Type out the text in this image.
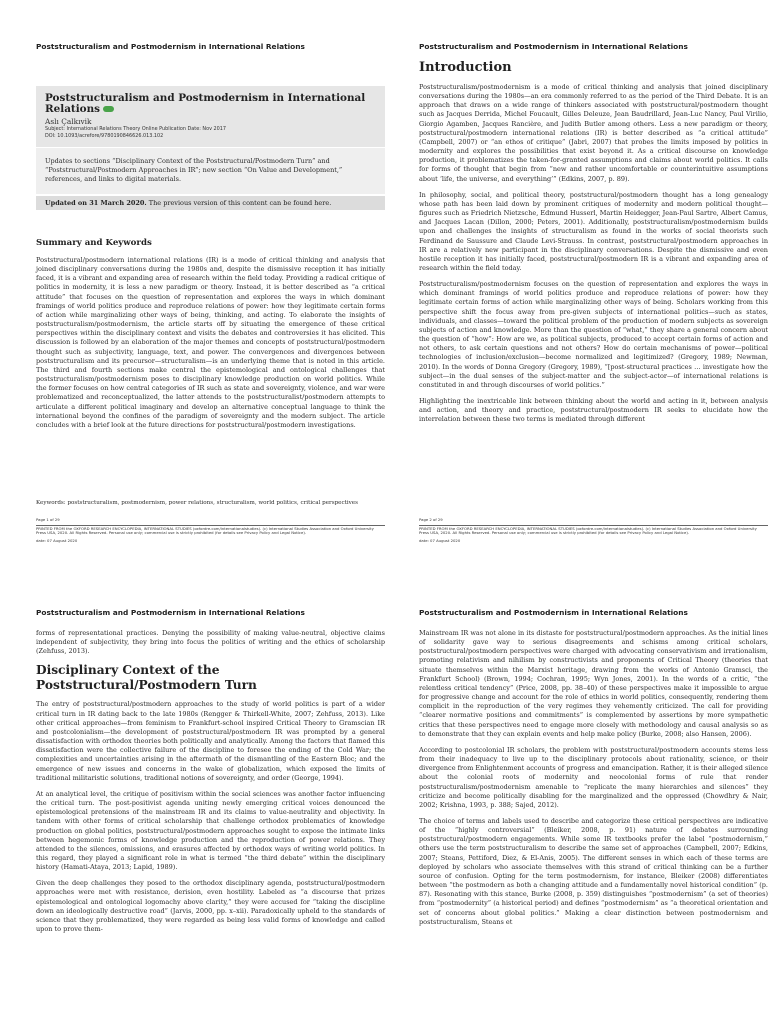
Poststructuralism and Postmodernism in International Relations
Poststructuralism and Postmodernism in International Relations
Aslı Çalkıvik
Subject: International Relations Theory Online Publication Date: Nov 2017
DOI: 10.1093/acrefore/9780190846626.013.102

Updates to sections “Disciplinary Context of the Poststructural/Postmodern Turn” and “Poststructural/Postmodern Approaches in IR”; new section “On Value and Development,” references, and links to digital materials.

Updated on 31 March 2020. The previous version of this content can be found here.
Summary and Keywords

Poststructural/postmodern international relations (IR) is a mode of critical thinking and analysis that joined disciplinary conversations during the 1980s and, despite the dismissive reception it has initially faced, it is a vibrant and expanding area of research within the field today. Providing a radical critique of politics in modernity, it is less a new paradigm or theory. Instead, it is better described as “a critical attitude” that focuses on the question of representation and explores the ways in which dominant framings of world politics produce and reproduce relations of power: how they legitimate certain forms of action while marginalizing other ways of being, thinking, and acting. To elaborate the insights of poststructuralism/postmodernism, the article starts off by situating the emergence of these critical perspectives within the disciplinary context and visits the debates and controversies it has elicited. This discussion is followed by an elaboration of the major themes and concepts of poststructural/postmodern thought such as subjectivity, language, text, and power. The convergences and divergences between poststructuralism and its precursor—structuralism—is an underlying theme that is noted in this article. The third and fourth sections make central the epistemological and ontological challenges that poststructuralism/postmodernism poses to disciplinary knowledge production on world politics. While the former focuses on how central categories of IR such as state and sovereignty, violence, and war were problematized and reconceptualized, the latter attends to the poststructuralist/postmodern attempts to articulate a different political imaginary and develop an alternative conceptual language to think the international beyond the confines of the paradigm of sovereignty and the modern subject. The article concludes with a brief look at the future directions for poststructural/postmodern investigations.

Keywords: poststructuralism, postmodernism, power relations, structuralism, world politics, critical perspectives

Page 1 of 29
PRINTED FROM the OXFORD RESEARCH ENCYCLOPEDIA, INTERNATIONAL STUDIES (oxfordre.com/internationalstudies). (c) International Studies Association and Oxford University Press USA, 2020. All Rights Reserved. Personal use only; commercial use is strictly prohibited (for details see Privacy Policy and Legal Notice).
date: 07 August 2020
Poststructuralism and Postmodernism in International Relations
Introduction

Poststructuralism/postmodernism is a mode of critical thinking and analysis that joined disciplinary conversations during the 1980s—an era commonly referred to as the period of the Third Debate. It is an approach that draws on a wide range of thinkers associated with poststructural/postmodern thought such as Jacques Derrida, Michel Foucault, Gilles Deleuze, Jean Baudrillard, Jean-Luc Nancy, Paul Virilio, Giorgio Agamben, Jacques Rancière, and Judith Butler among others. Less a new paradigm or theory, poststructural/postmodern international relations (IR) is better described as “a critical attitude” (Campbell, 2007) or “an ethos of critique” (Jabri, 2007) that probes the limits imposed by politics in modernity and explores the possibilities that exist beyond it. As a critical discourse on knowledge production, it problematizes the taken-for-granted assumptions and claims about world politics. It calls for forms of thought that begin from “new and rather uncomfortable or counterintuitive assumptions about ‘life, the universe, and everything’” (Edkins, 2007, p. 89).

In philosophy, social, and political theory, poststructural/postmodern thought has a long genealogy whose path has been laid down by prominent critiques of modernity and modern political thought—figures such as Friedrich Nietzsche, Edmund Husserl, Martin Heidegger, Jean-Paul Sartre, Albert Camus, and Jacques Lacan (Dillon, 2000; Peters, 2001). Additionally, poststructuralism/postmodernism builds upon and challenges the insights of structuralism as found in the works of social theorists such Ferdinand de Saussure and Claude Levi-Strauss. In contrast, poststructural/postmodern approaches in IR are a relatively new participant in the disciplinary conversations. Despite the dismissive and even hostile reception it has initially faced, poststructural/postmodern IR is a vibrant and expanding area of research within the field today.

Poststructuralism/postmodernism focuses on the question of representation and explores the ways in which dominant framings of world politics produce and reproduce relations of power: how they legitimate certain forms of action while marginalizing other ways of being. Scholars working from this perspective shift the focus away from pre-given subjects of international politics—such as states, individuals, and classes—toward the political problem of the production of modern subjects as sovereign subjects of action and knowledge. More than the question of “what,” they share a general concern about the question of “how”: How are we, as political subjects, produced to accept certain forms of action and not others, to ask certain questions and not others? How do certain mechanisms of power—political technologies of inclusion/exclusion—become normalized and legitimized? (Gregory, 1989; Newman, 2010). In the words of Donna Gregory (Gregory, 1989), “[post-structural practices … investigate how the subject—in the dual senses of the subject-matter and the subject-actor—of international relations is constituted in and through discourses of world politics.”

Highlighting the inextricable link between thinking about the world and acting in it, between analysis and action, and theory and practice, poststructural/postmodern IR seeks to elucidate how the interrelation between these two terms is mediated through different

Page 2 of 29
PRINTED FROM the OXFORD RESEARCH ENCYCLOPEDIA, INTERNATIONAL STUDIES (oxfordre.com/internationalstudies). (c) International Studies Association and Oxford University Press USA, 2020. All Rights Reserved. Personal use only; commercial use is strictly prohibited (for details see Privacy Policy and Legal Notice).
date: 07 August 2020
Poststructuralism and Postmodernism in International Relations

forms of representational practices. Denying the possibility of making value-neutral, objective claims independent of subjectivity, they bring into focus the politics of writing and the ethics of scholarship (Zehfuss, 2013).

Disciplinary Context of the Poststructural/Postmodern Turn

The entry of poststructural/postmodern approaches to the study of world politics is part of a wider critical turn in IR dating back to the late 1980s (Rengger & Thirkell-White, 2007; Zehfuss, 2013). Like other critical approaches—from feminism to Frankfurt-school inspired Critical Theory to Gramscian IR and postcolonialism—the development of poststructural/postmodern IR was prompted by a general dissatisfaction with orthodox theories both politically and analytically. Among the factors that flamed this dissatisfaction were the collective failure of the discipline to foresee the ending of the Cold War; the complexities and uncertainties arising in the aftermath of the dismantling of the Eastern Bloc; and the emergence of new issues and concerns in the wake of globalization, which exposed the limits of traditional militaristic solutions, traditional notions of sovereignty, and order (George, 1994).

At an analytical level, the critique of positivism within the social sciences was another factor influencing the critical turn. The post-positivist agenda uniting newly emerging critical voices denounced the epistemological pretensions of the mainstream IR and its claims to value-neutrality and objectivity. In tandem with other forms of critical scholarship that challenge orthodox problematics of knowledge production on global politics, poststructural/postmodern approaches sought to expose the intimate links between hegemonic forms of knowledge production and the reproduction of power relations. They attended to the silences, omissions, and erasures affected by orthodox ways of writing world politics. In this regard, they played a significant role in what is termed “the third debate” within the disciplinary history (Hamati-Ataya, 2013; Lapid, 1989).

Given the deep challenges they posed to the orthodox disciplinary agenda, poststructural/postmodern approaches were met with resistance, derision, even hostility. Labeled as “a discourse that prizes epistemological and ontological logomachy above clarity,” they were accused for “taking the discipline down an ideologically destructive road” (Jarvis, 2000, pp. x–xii). Paradoxically upheld to the standards of science that they problematized, they were regarded as being less valid forms of knowledge and called upon to prove them-

Poststructuralism and Postmodernism in International Relations

Mainstream IR was not alone in its distaste for poststructural/postmodern approaches. As the initial lines of solidarity gave way to serious disagreements and schisms among critical scholars, poststructural/postmodern perspectives were charged with advocating conservativism and irrationalism, promoting relativism and nihilism by constructivists and proponents of Critical Theory (theories that situate themselves within the Marxist heritage, drawing from the works of Antonio Gramsci, the Frankfurt School) (Brown, 1994; Cochran, 1995; Wyn Jones, 2001). In the words of a critic, “the relentless critical tendency” (Price, 2008, pp. 38–40) of these perspectives make it impossible to argue for progressive change and account for the role of ethics in world politics, consequently, rendering them complicit in the reproduction of the very regimes they vehemently criticized. The call for providing “clearer normative positions and commitments” is complemented by assertions by more sympathetic critics that these perspectives need to engage more closely with methodology and causal analysis so as to demonstrate that they can explain events and help make policy (Burke, 2008; also Hansen, 2006).

According to postcolonial IR scholars, the problem with poststructural/postmodern accounts stems less from their inadequacy to live up to the disciplinary protocols about rationality, science, or their divergence from Enlightenment accounts of progress and emancipation. Rather, it is their alleged silence about the colonial roots of modernity and neocolonial forms of rule that render poststructuralism/postmodernism amenable to “replicate the many hierarchies and silences” they criticize and become politically disabling for the marginalized and the oppressed (Chowdhry & Nair, 2002; Krishna, 1993, p. 388; Sajed, 2012).

The choice of terms and labels used to describe and categorize these critical perspectives are indicative of the “highly controversial” (Bleiker, 2008, p. 91) nature of debates surrounding poststructural/postmodern engagements. While some IR textbooks prefer the label “postmodernism,” others use the term poststructuralism to describe the same set of approaches (Campbell, 2007; Edkins, 2007; Steans, Pettiford, Diez, & El-Anis, 2005). The different senses in which each of these terms are deployed by scholars who associate themselves with this strand of critical thinking can be a further source of confusion. Opting for the term postmodernism, for instance, Bleiker (2008) differentiates between “the postmodern as both a changing attitude and a fundamentally novel historical condition” (p. 87). Resonating with this stance, Burke (2008, p. 359) distinguishes “postmodernism” (a set of theories) from “postmodernity” (a historical period) and defines “postmodernism” as “a theoretical orientation and set of concerns about global politics.” Making a clear distinction between postmodernism and poststructuralism, Steans et
